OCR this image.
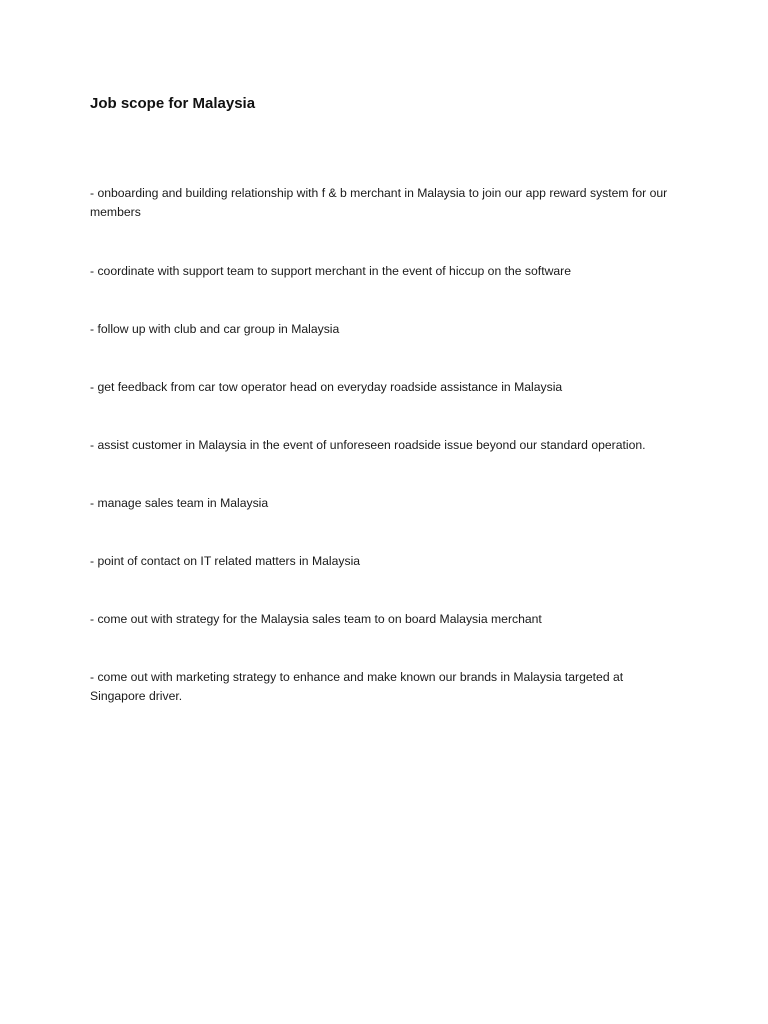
Job scope for Malaysia
- onboarding and building relationship with f & b merchant in Malaysia to join our app reward system for our members
- coordinate with support team to support merchant in the event of hiccup on the software
- follow up with club and car group in Malaysia
- get feedback from car tow operator head on everyday roadside assistance in Malaysia
- assist customer in Malaysia in the event of unforeseen roadside issue beyond our standard operation.
- manage sales team in Malaysia
- point of contact on IT related matters in Malaysia
- come out with strategy for the Malaysia sales team to on board Malaysia merchant
- come out with marketing strategy to enhance and make known our brands in Malaysia targeted at Singapore driver.
